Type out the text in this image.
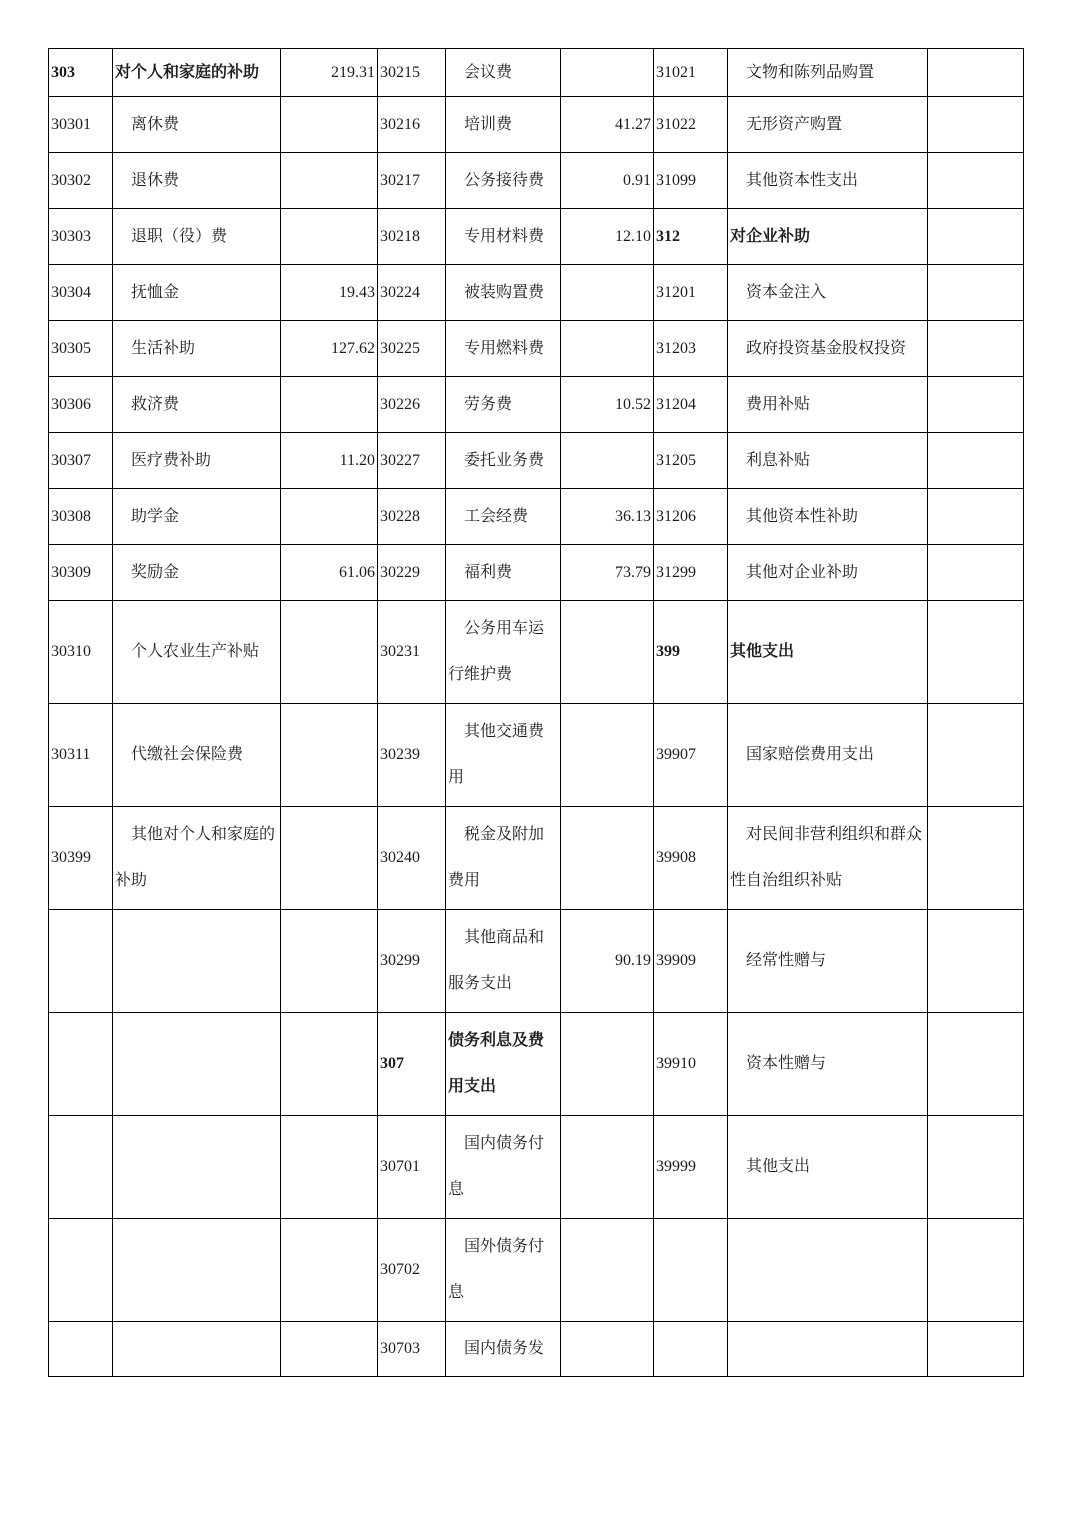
303	对个人和家庭的补助	219.31	30215	会议费		31021	文物和陈列品购置	
30301	离休费		30216	培训费	41.27	31022	无形资产购置	
30302	退休费		30217	公务接待费	0.91	31099	其他资本性支出	
30303	退职（役）费		30218	专用材料费	12.10	312	对企业补助	
30304	抚恤金	19.43	30224	被装购置费		31201	资本金注入	
30305	生活补助	127.62	30225	专用燃料费		31203	政府投资基金股权投资	
30306	救济费		30226	劳务费	10.52	31204	费用补贴	
30307	医疗费补助	11.20	30227	委托业务费		31205	利息补贴	
30308	助学金		30228	工会经费	36.13	31206	其他资本性补助	
30309	奖励金	61.06	30229	福利费	73.79	31299	其他对企业补助	
30310	个人农业生产补贴		30231	公务用车运行维护费		399	其他支出	
30311	代缴社会保险费		30239	其他交通费用		39907	国家赔偿费用支出	
30399	其他对个人和家庭的补助		30240	税金及附加费用		39908	对民间非营利组织和群众性自治组织补贴	
			30299	其他商品和服务支出	90.19	39909	经常性赠与	
			307	债务利息及费用支出		39910	资本性赠与	
			30701	国内债务付息		39999	其他支出	
			30702	国外债务付息				
			30703	国内债务发				
